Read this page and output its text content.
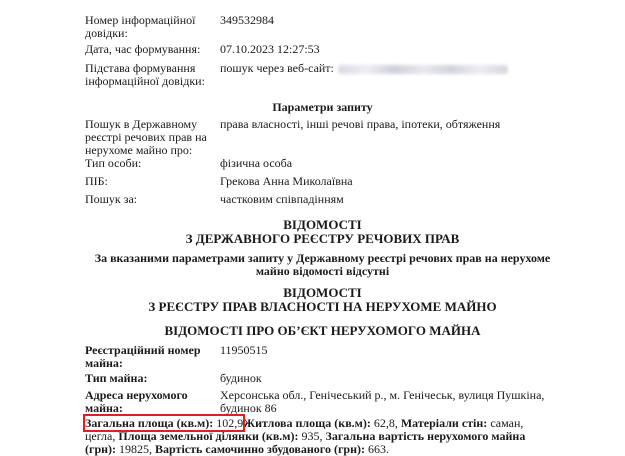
Номер інформаційної довідки:
349532984
Дата, час формування: 07.10.2023 12:27:53
Підстава формування інформаційної довідки:
пошук через веб-сайт:
Параметри запиту
Пошук в Державному реєстрі речових прав на нерухоме майно про:
права власності, інші речові права, іпотеки, обтяження
Тип особи:	фізична особа
ПІБ:	Грекова Анна Миколаївна
Пошук за:	частковим співпадінням
ВІДОМОСТІ
З ДЕРЖАВНОГО РЕЄСТРУ РЕЧОВИХ ПРАВ
За вказаними параметрами запиту у Державному реєстрі речових прав на нерухоме майно відомості відсутні
ВІДОМОСТІ
З РЕЄСТРУ ПРАВ ВЛАСНОСТІ НА НЕРУХОМЕ МАЙНО
ВІДОМОСТІ ПРО ОБ’ЄКТ НЕРУХОМОГО МАЙНА
Реєстраційний номер майна:
11950515
Тип майна:	будинок
Адреса нерухомого майна:
Херсонська обл., Генічеський р., м. Генічеськ, вулиця Пушкіна, будинок 86
Загальна площа (кв.м): 102,9Житлова площа (кв.м): 62,8, Матеріали стін: саман, цегла, Площа земельної ділянки (кв.м): 935, Загальна вартість нерухомого майна (грн): 19825, Вартість самочинно збудованого (грн): 663.
